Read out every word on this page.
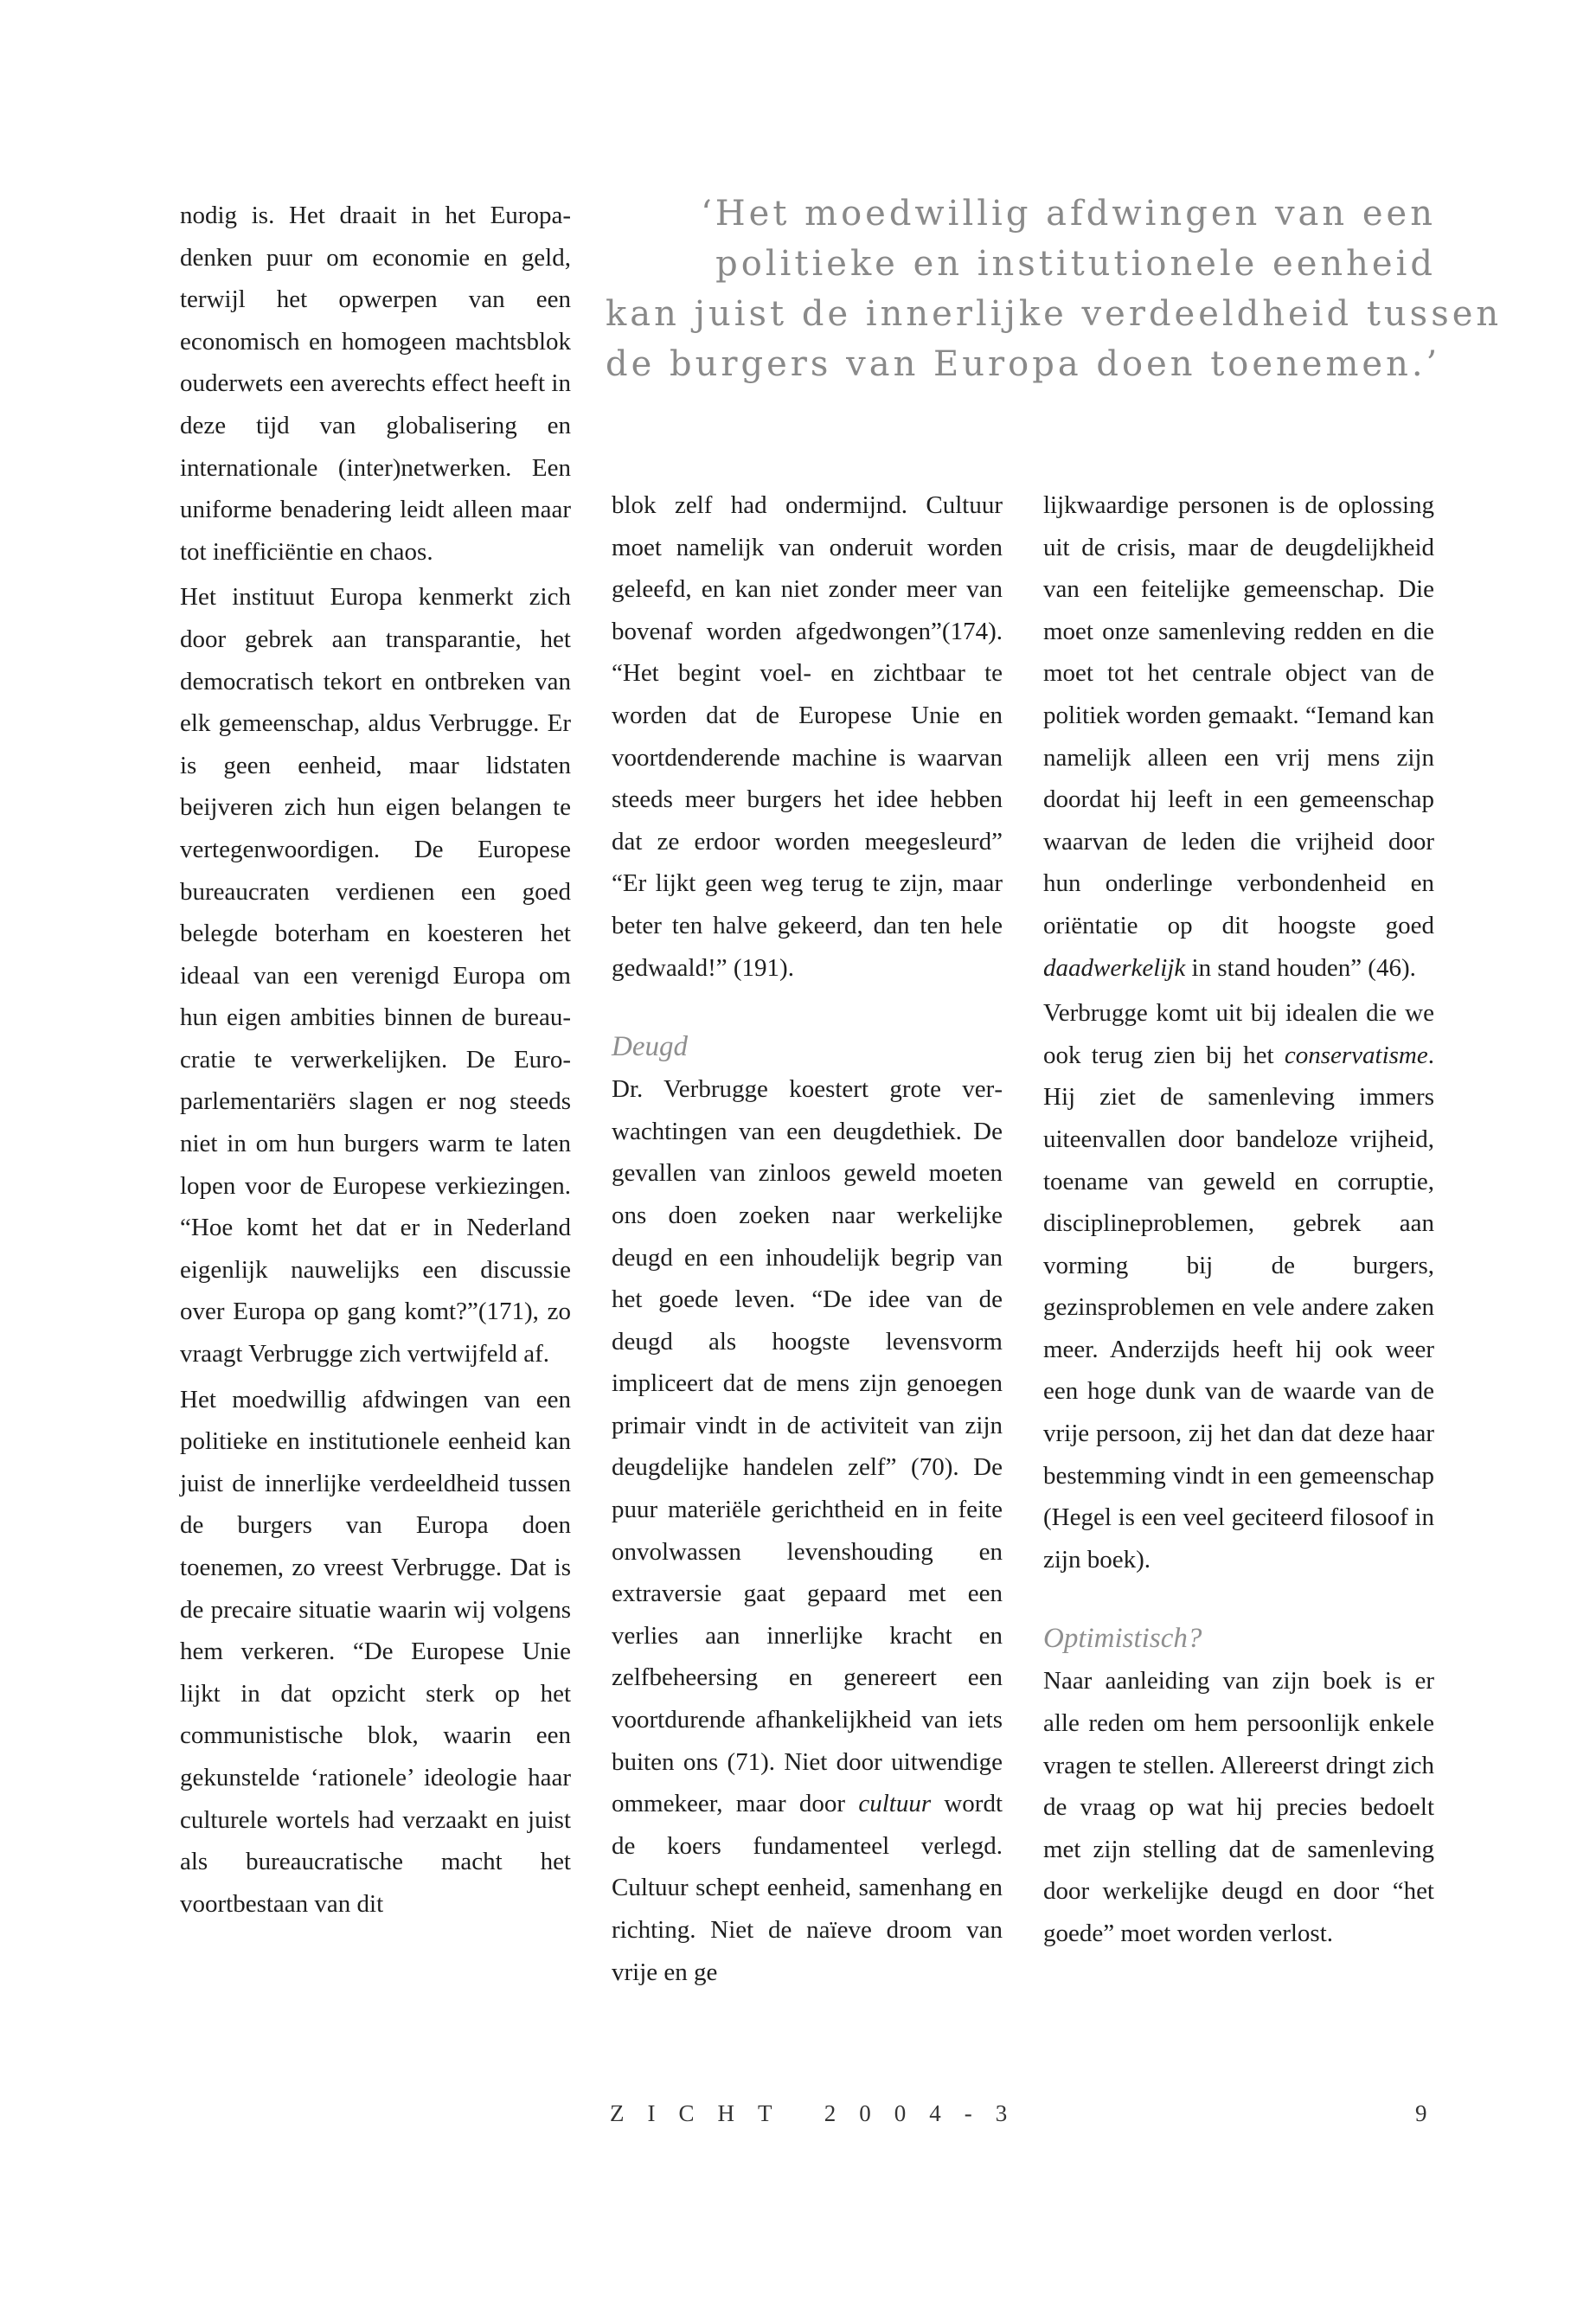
‘Het moedwillig afdwingen van een
politieke en institutionele eenheid
kan juist de innerlijke verdeeldheid tussen
de burgers van Europa doen toenemen.’

nodig is. Het draait in het Europadenken puur om economie en geld, terwijl het opwerpen van een economisch en homogeen machtsblok ouderwets een averechts effect heeft in deze tijd van globalisering en internationale (inter)netwerken. Een uniforme benadering leidt alleen maar tot inefficiëntie en chaos.

Het instituut Europa kenmerkt zich door gebrek aan transparantie, het democratisch tekort en ontbreken van elk gemeenschap, aldus Verbrugge. Er is geen eenheid, maar lidstaten beijveren zich hun eigen belangen te vertegenwoordigen. De Europese bureaucraten verdienen een goed belegde boterham en koesteren het ideaal van een verenigd Europa om hun eigen ambities binnen de bureaucratie te verwerkelijken. De Europarlementariërs slagen er nog steeds niet in om hun burgers warm te laten lopen voor de Europese verkiezingen. “Hoe komt het dat er in Nederland eigenlijk nauwelijks een discussie over Europa op gang komt?”(171), zo vraagt Verbrugge zich vertwijfeld af.

Het moedwillig afdwingen van een politieke en institutionele eenheid kan juist de innerlijke verdeeldheid tussen de burgers van Europa doen toenemen, zo vreest Verbrugge. Dat is de precaire situatie waarin wij volgens hem verkeren. “De Europese Unie lijkt in dat opzicht sterk op het communistische blok, waarin een gekunstelde ‘rationele’ ideologie haar culturele wortels had verzaakt en juist als bureaucratische macht het voortbestaan van dit

blok zelf had ondermijnd. Cultuur moet namelijk van onderuit worden geleefd, en kan niet zonder meer van bovenaf worden afgedwongen”(174). “Het begint voel- en zichtbaar te worden dat de Europese Unie en voortdenderende machine is waarvan steeds meer burgers het idee hebben dat ze erdoor worden meegesleurd” “Er lijkt geen weg terug te zijn, maar beter ten halve gekeerd, dan ten hele gedwaald!” (191).

Deugd

Dr. Verbrugge koestert grote verwachtingen van een deugdethiek. De gevallen van zinloos geweld moeten ons doen zoeken naar werkelijke deugd en een inhoudelijk begrip van het goede leven. “De idee van de deugd als hoogste levensvorm impliceert dat de mens zijn genoegen primair vindt in de activiteit van zijn deugdelijke handelen zelf” (70). De puur materiële gerichtheid en in feite onvolwassen levenshouding en extraversie gaat gepaard met een verlies aan innerlijke kracht en zelfbeheersing en genereert een voortdurende afhankelijkheid van iets buiten ons (71). Niet door uitwendige ommekeer, maar door cultuur wordt de koers fundamenteel verlegd. Cultuur schept eenheid, samenhang en richting. Niet de naïeve droom van vrije en ge

lijkwaardige personen is de oplossing uit de crisis, maar de deugdelijkheid van een feitelijke gemeenschap. Die moet onze samenleving redden en die moet tot het centrale object van de politiek worden gemaakt. “Iemand kan namelijk alleen een vrij mens zijn doordat hij leeft in een gemeenschap waarvan de leden die vrijheid door hun onderlinge verbondenheid en oriëntatie op dit hoogste goed daadwerkelijk in stand houden” (46).

Verbrugge komt uit bij idealen die we ook terug zien bij het conservatisme. Hij ziet de samenleving immers uiteenvallen door bandeloze vrijheid, toename van geweld en corruptie, disciplineproblemen, gebrek aan vorming bij de burgers, gezinsproblemen en vele andere zaken meer. Anderzijds heeft hij ook weer een hoge dunk van de waarde van de vrije persoon, zij het dan dat deze haar bestemming vindt in een gemeenschap (Hegel is een veel geciteerd filosoof in zijn boek).

Optimistisch?

Naar aanleiding van zijn boek is er alle reden om hem persoonlijk enkele vragen te stellen. Allereerst dringt zich de vraag op wat hij precies bedoelt met zijn stelling dat de samenleving door werkelijke deugd en door “het goede” moet worden verlost.

ZICHT 2004-3	9
